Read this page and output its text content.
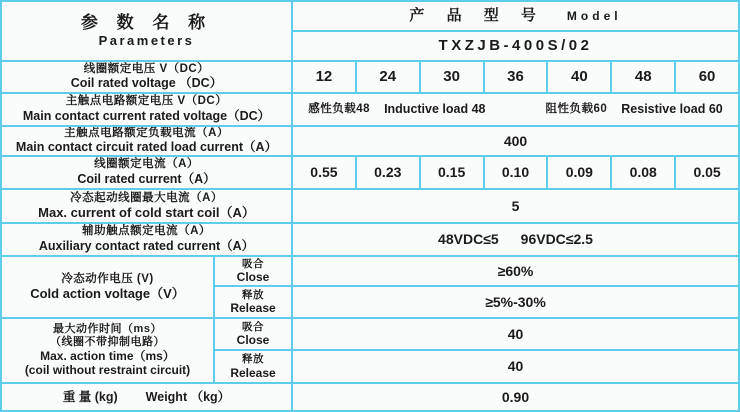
参 数 名 称
Parameters
产 品 型 号 Model
TXZJB-400S/02
线圈额定电压 V（DC）
Coil rated voltage （DC）	12	24	30	36	40	48	60
主触点电路额定电压 V（DC）
Main contact current rated voltage（DC）
感性负载48 Inductive load 48	阻性负载60 Resistive load 60
主触点电路额定负载电流（A）
Main contact circuit rated load current（A）	400
线圈额定电流（A）
Coil rated current（A）	0.55	0.23	0.15	0.10	0.09	0.08	0.05
冷态起动线圈最大电流（A）
Max. current of cold start coil（A）	5
辅助触点额定电流（A）
Auxiliary contact rated current（A）	48VDC≤5 96VDC≤2.5
冷态动作电压 (V)
Cold action voltage（V）
吸合
Close	≥60%
释放
Release	≥5%-30%
最大动作时间（ms）
（线圈不带抑制电路）
Max. action time（ms）
(coil without restraint circuit)
吸合
Close	40
释放
Release	40
重 量 (kg) Weight （kg）	0.90
